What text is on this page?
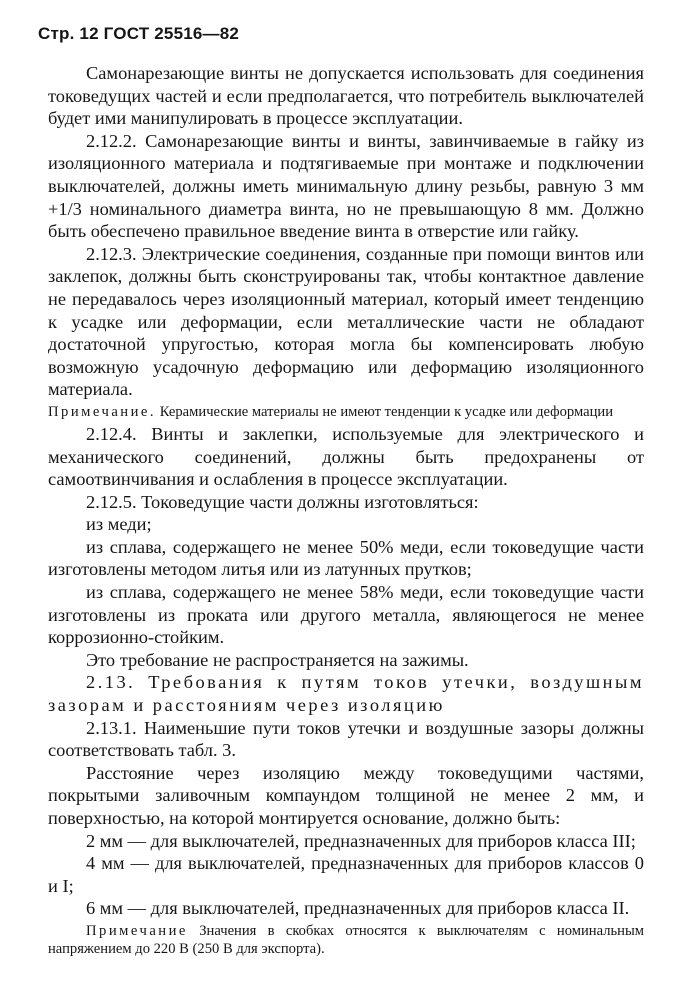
Стр. 12 ГОСТ 25516—82

Самонарезающие винты не допускается использовать для соединения токоведущих частей и если предполагается, что потребитель выключателей будет ими манипулировать в процессе эксплуатации.

2.12.2. Самонарезающие винты и винты, завинчиваемые в гайку из изоляционного материала и подтягиваемые при монтаже и подключении выключателей, должны иметь минимальную длину резьбы, равную 3 мм +1/3 номинального диаметра винта, но не превышающую 8 мм. Должно быть обеспечено правильное введение винта в отверстие или гайку.

2.12.3. Электрические соединения, созданные при помощи винтов или заклепок, должны быть сконструированы так, чтобы контактное давление не передавалось через изоляционный материал, который имеет тенденцию к усадке или деформации, если металлические части не обладают достаточной упругостью, которая могла бы компенсировать любую возможную усадочную деформацию или деформацию изоляционного материала.

Примечание. Керамические материалы не имеют тенденции к усадке или деформации

2.12.4. Винты и заклепки, используемые для электрического и механического соединений, должны быть предохранены от самоотвинчивания и ослабления в процессе эксплуатации.

2.12.5. Токоведущие части должны изготовляться:

из меди;

из сплава, содержащего не менее 50% меди, если токоведущие части изготовлены методом литья или из латунных прутков;

из сплава, содержащего не менее 58% меди, если токоведущие части изготовлены из проката или другого металла, являющегося не менее коррозионно-стойким.

Это требование не распространяется на зажимы.

2.13. Требования к путям токов утечки, воздушным зазорам и расстояниям через изоляцию

2.13.1. Наименьшие пути токов утечки и воздушные зазоры должны соответствовать табл. 3.

Расстояние через изоляцию между токоведущими частями, покрытыми заливочным компаундом толщиной не менее 2 мм, и поверхностью, на которой монтируется основание, должно быть:

2 мм — для выключателей, предназначенных для приборов класса III;

4 мм — для выключателей, предназначенных для приборов классов 0 и I;

6 мм — для выключателей, предназначенных для приборов класса II.

Примечание Значения в скобках относятся к выключателям с номинальным напряжением до 220 В (250 В для экспорта).
